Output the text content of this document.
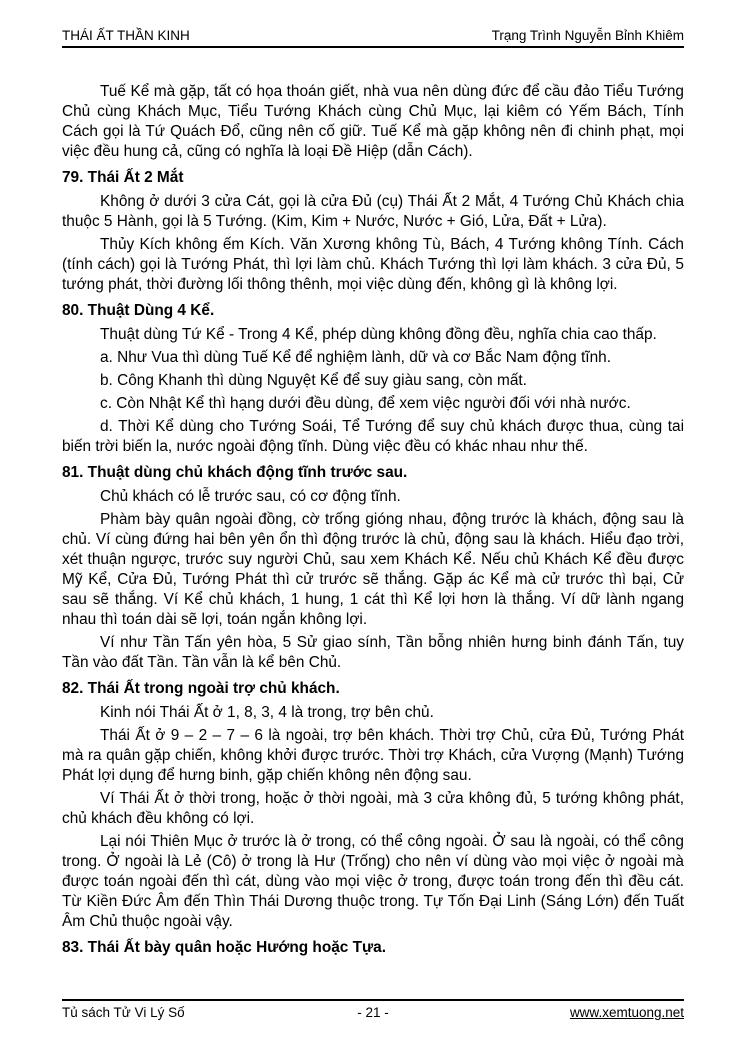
THÁI ẤT THẦN KINH	Trạng Trình Nguyễn Bỉnh Khiêm

Tuế Kể mà gặp, tất có họa thoán giết, nhà vua nên dùng đức để cầu đảo Tiểu Tướng Chủ cùng Khách Mục, Tiểu Tướng Khách cùng Chủ Mục, lại kiêm có Yếm Bách, Tính Cách gọi là Tứ Quách Đổ, cũng nên cố giữ. Tuế Kể mà gặp không nên đi chinh phạt, mọi việc đều hung cả, cũng có nghĩa là loại Đề Hiệp (dẫn Cách).

79. Thái Ất 2 Mắt

Không ở dưới 3 cửa Cát, gọi là cửa Đủ (cụ) Thái Ất 2 Mắt, 4 Tướng Chủ Khách chia thuộc 5 Hành, gọi là 5 Tướng. (Kim, Kim + Nước, Nước + Gió, Lửa, Đất + Lửa).

Thủy Kích không ếm Kích. Văn Xương không Tù, Bách, 4 Tướng không Tính. Cách (tính cách) gọi là Tướng Phát, thì lợi làm chủ. Khách Tướng thì lợi làm khách. 3 cửa Đủ, 5 tướng phát, thời đường lối thông thênh, mọi việc dùng đến, không gì là không lợi.

80. Thuật Dùng 4 Kể.

Thuật dùng Tứ Kể - Trong 4 Kể, phép dùng không đồng đều, nghĩa chia cao thấp.

a. Như Vua thì dùng Tuế Kể để nghiệm lành, dữ và cơ Bắc Nam động tĩnh.

b. Công Khanh thì dùng Nguyệt Kể để suy giàu sang, còn mất.

c. Còn Nhật Kể thì hạng dưới đều dùng, để xem việc người đối với nhà nước.

d. Thời Kể dùng cho Tướng Soái, Tể Tướng để suy chủ khách được thua, cùng tai biến trời biến la, nước ngoài động tĩnh. Dùng việc đều có khác nhau như thế.

81. Thuật dùng chủ khách động tĩnh trước sau.

Chủ khách có lễ trước sau, có cơ động tĩnh.

Phàm bày quân ngoài đồng, cờ trống gióng nhau, động trước là khách, động sau là chủ. Ví cùng đứng hai bên yên ổn thì động trước là chủ, động sau là khách. Hiểu đạo trời, xét thuận ngược, trước suy người Chủ, sau xem Khách Kể. Nếu chủ Khách Kể đều được Mỹ Kể, Cửa Đủ, Tướng Phát thì cử trước sẽ thắng. Gặp ác Kể mà cử trước thì bại, Cử sau sẽ thắng. Ví Kể chủ khách, 1 hung, 1 cát thì Kể lợi hơn là thắng. Ví dữ lành ngang nhau thì toán dài sẽ lợi, toán ngắn không lợi.

Ví như Tần Tấn yên hòa, 5 Sử giao sính, Tần bỗng nhiên hưng binh đánh Tấn, tuy Tần vào đất Tần. Tần vẫn là kể bên Chủ.

82. Thái Ất trong ngoài trợ chủ khách.

Kinh nói Thái Ất ở 1, 8, 3, 4 là trong, trợ bên chủ.

Thái Ất ở 9 – 2 – 7 – 6 là ngoài, trợ bên khách. Thời trợ Chủ, cửa Đủ, Tướng Phát mà ra quân gặp chiến, không khởi được trước. Thời trợ Khách, cửa Vượng (Mạnh) Tướng Phát lợi dụng để hưng binh, gặp chiến không nên động sau.

Ví Thái Ất ở thời trong, hoặc ở thời ngoài, mà 3 cửa không đủ, 5 tướng không phát, chủ khách đều không có lợi.

Lại nói Thiên Mục ở trước là ở trong, có thể công ngoài. Ở sau là ngoài, có thể công trong. Ở ngoài là Lẻ (Cô) ở trong là Hư (Trống) cho nên ví dùng vào mọi việc ở ngoài mà được toán ngoài đến thì cát, dùng vào mọi việc ở trong, được toán trong đến thì đều cát. Từ Kiền Đức Âm đến Thìn Thái Dương thuộc trong. Tự Tốn Đại Linh (Sáng Lớn) đến Tuất Âm Chủ thuộc ngoài vậy.

83. Thái Ất bày quân hoặc Hướng hoặc Tựa.
Tủ sách Tử Vi Lý Số	- 21 -	www.xemtuong.net
